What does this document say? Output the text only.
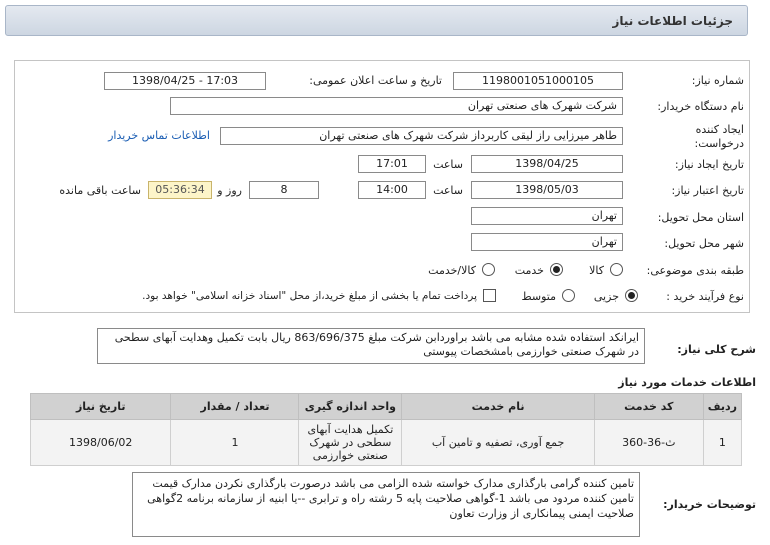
جزئیات اطلاعات نیاز
شماره نیاز:
1198001051000105
تاریخ و ساعت اعلان عمومی:
1398/04/25 - 17:03
نام دستگاه خریدار:
شرکت شهرک های صنعتی تهران
ایجاد کننده
درخواست:
طاهر میرزایی راز لیقی کاربرداز شرکت شهرک های صنعتی تهران
اطلاعات تماس خریدار
تاریخ ایجاد نیاز:
1398/04/25
ساعت
17:01
تاریخ اعتبار نیاز:
1398/05/03
ساعت
14:00
8
روز و
05:36:34
ساعت باقی مانده
استان محل تحویل:
تهران
شهر محل تحویل:
تهران
طبقه بندی موضوعی:
کالا
خدمت
کالا/خدمت
نوع فرآیند خرید :
جزیی
متوسط
پرداخت تمام یا بخشی از مبلغ خرید،از محل "اسناد خزانه اسلامی" خواهد بود.
شرح کلی نیاز:
ایرانکد استفاده شده مشابه می باشد براوردابن شرکت مبلغ 863/696/375 ریال بابت تکمیل وهدایت آبهای سطحی در شهرک صنعتی خوارزمی بامشخصات پیوستی
اطلاعات خدمات مورد نیاز
ردیف	کد خدمت	نام خدمت	واحد اندازه گیری	تعداد / مقدار	تاریخ نیاز
1	ث-36-360	جمع آوری، تصفیه و تامین آب	تکمیل هدایت آبهای سطحی در شهرک صنعتی خوارزمی	1	1398/06/02
توضیحات خریدار:
تامین کننده گرامی بارگذاری مدارک خواسته شده الزامی می باشد درصورت بارگذاری نکردن مدارک قیمت تامین کننده مردود می باشد 1-گواهی صلاحیت پایه 5 رشته راه و ترابری --یا ابنیه از سازمانه برنامه 2گواهی صلاحیت ایمنی پیمانکاری از وزارت تعاون
